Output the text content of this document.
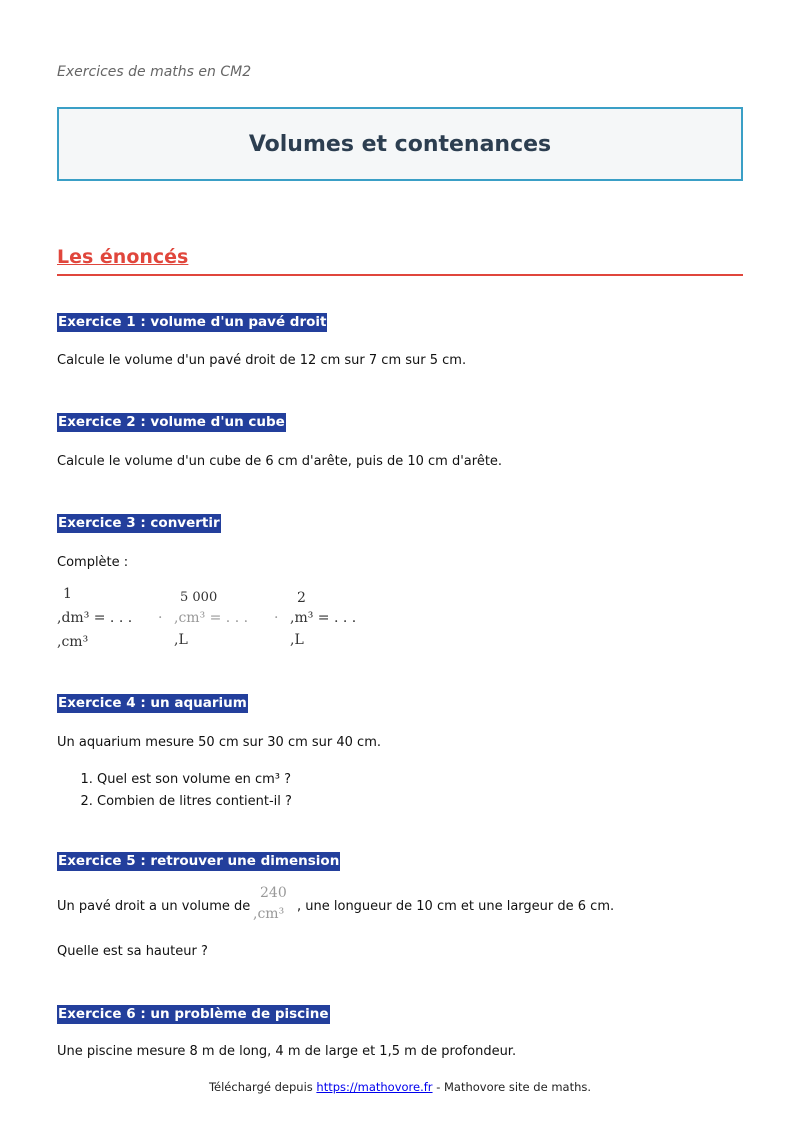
Exercices de maths en CM2
Volumes et contenances
Les énoncés
Exercice 1 : volume d'un pavé droit
Calcule le volume d'un pavé droit de 12 cm sur 7 cm sur 5 cm.
Exercice 2 : volume d'un cube
Calcule le volume d'un cube de 6 cm d'arête, puis de 10 cm d'arête.
Exercice 3 : convertir
Complète :
1
,dm³ = . . . ·
,cm³
5 000
,cm³ = . . . ·
,L
2
,m³ = . . .
,L
Exercice 4 : un aquarium
Un aquarium mesure 50 cm sur 30 cm sur 40 cm.
1. Quel est son volume en cm³ ?
2. Combien de litres contient-il ?
Exercice 5 : retrouver une dimension
Un pavé droit a un volume de
240
,cm³ , une longueur de 10 cm et une largeur de 6 cm.
Quelle est sa hauteur ?
Exercice 6 : un problème de piscine
Une piscine mesure 8 m de long, 4 m de large et 1,5 m de profondeur.
Téléchargé depuis https://mathovore.fr - Mathovore site de maths.
